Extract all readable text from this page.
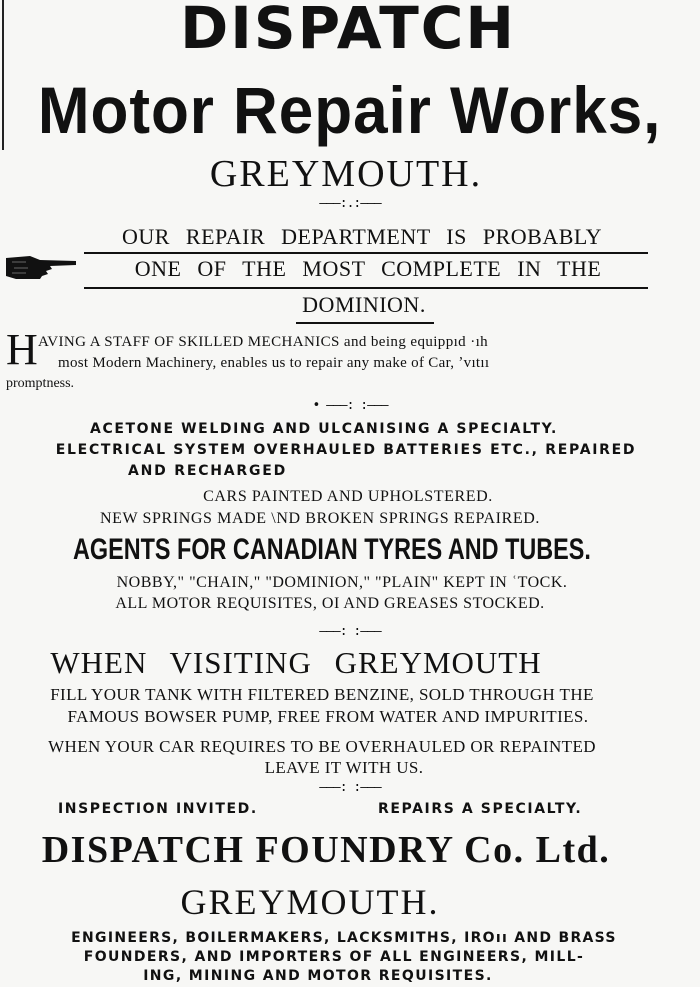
DISPATCH
Motor Repair Works,
GREYMOUTH.
———:.:———
OUR REPAIR DEPARTMENT IS PROBABLY
ONE OF THE MOST COMPLETE IN THE
DOMINION.
H AVING A STAFF OF SKILLED MECHANICS and being equippıd ·ıh
most Modern Machinery, enables us to repair any make of Car, ʼvıtıı
promptness.
• ———: :———
ACETONE WELDING AND ULCANISING A SPECIALTY.
ELECTRICAL SYSTEM OVERHAULED BATTERIES ETC., REPAIRED
AND RECHARGED
CARS PAINTED AND UPHOLSTERED.
NEW SPRINGS MADE \ND BROKEN SPRINGS REPAIRED.
AGENTS FOR CANADIAN TYRES AND TUBES.
NOBBY," "CHAIN," "DOMINION," "PLAIN" KEPT IN ʿTOCK.
ALL MOTOR REQUISITES, OI AND GREASES STOCKED.
———: :———
WHEN VISITING GREYMOUTH
FILL YOUR TANK WITH FILTERED BENZINE, SOLD THROUGH THE
FAMOUS BOWSER PUMP, FREE FROM WATER AND IMPURITIES.
WHEN YOUR CAR REQUIRES TO BE OVERHAULED OR REPAINTED
LEAVE IT WITH US.
———: :———
INSPECTION INVITED.	REPAIRS A SPECIALTY.
DISPATCH FOUNDRY Co. Ltd.
GREYMOUTH.
ENGINEERS, BOILERMAKERS, LACKSMITHS, IROıı AND BRASS
FOUNDERS, AND IMPORTERS OF ALL ENGINEERS, MILL-
ING, MINING AND MOTOR REQUISITES.
